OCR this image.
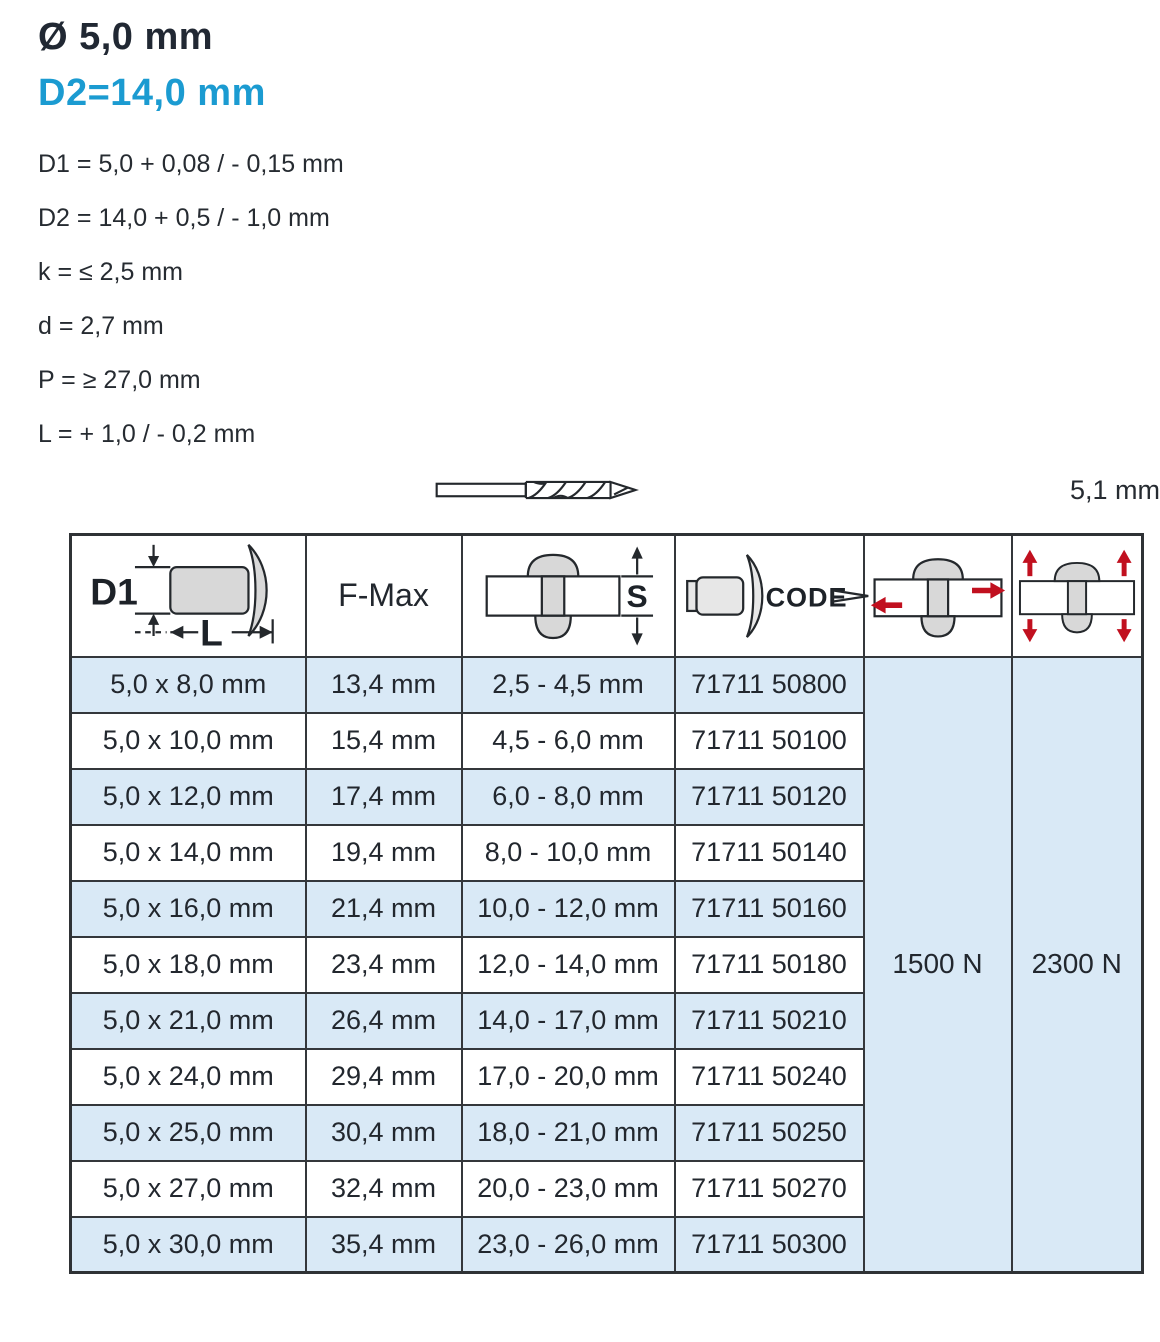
Ø 5,0 mm
D2=14,0 mm
D1 = 5,0 + 0,08 / - 0,15 mm
D2 = 14,0 + 0,5 / - 1,0 mm
k = ≤ 2,5 mm
d = 2,7 mm
P = ≥ 27,0 mm
L = + 1,0 / - 0,2 mm
5,1 mm
D1
L	F-Max	S	CODE

5,0 x 8,0 mm	13,4 mm	2,5 - 4,5 mm	71711 50800	1500 N	2300 N
5,0 x 10,0 mm	15,4 mm	4,5 - 6,0 mm	71711 50100		
5,0 x 12,0 mm	17,4 mm	6,0 - 8,0 mm	71711 50120		
5,0 x 14,0 mm	19,4 mm	8,0 - 10,0 mm	71711 50140		
5,0 x 16,0 mm	21,4 mm	10,0 - 12,0 mm	71711 50160		
5,0 x 18,0 mm	23,4 mm	12,0 - 14,0 mm	71711 50180		
5,0 x 21,0 mm	26,4 mm	14,0 - 17,0 mm	71711 50210		
5,0 x 24,0 mm	29,4 mm	17,0 - 20,0 mm	71711 50240		
5,0 x 25,0 mm	30,4 mm	18,0 - 21,0 mm	71711 50250		
5,0 x 27,0 mm	32,4 mm	20,0 - 23,0 mm	71711 50270		
5,0 x 30,0 mm	35,4 mm	23,0 - 26,0 mm	71711 50300		
